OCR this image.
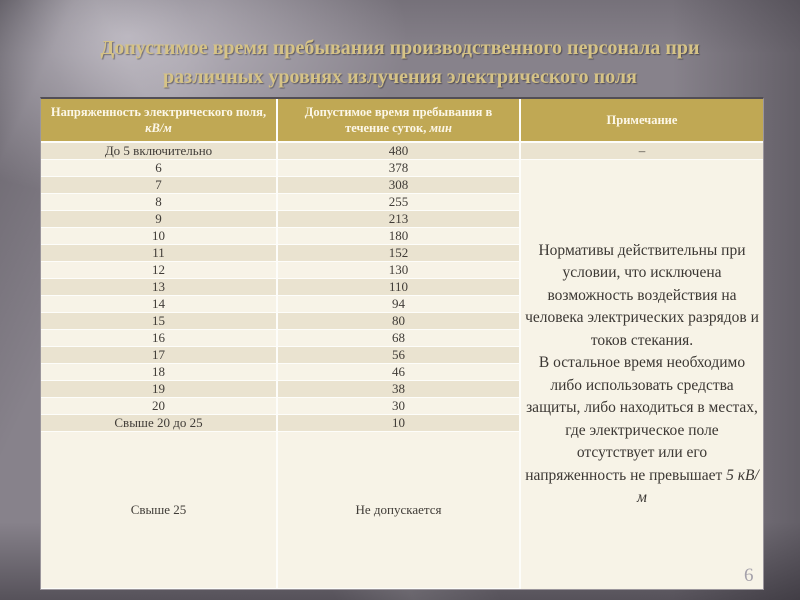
Допустимое время пребывания производственного персонала при
различных уровнях излучения электрического поля
Напряженность электрического поля, кВ/м	Допустимое время пребывания в течение суток, мин	Примечание
До 5 включительно	480	–
6	378	Нормативы действительны при условии, что исключена возможность воздействия на человека электрических разрядов и токов стекания.
В остальное время необходимо либо использовать средства защиты, либо находиться в местах, где электрическое поле отсутствует или его напряженность не превышает 5 кВ/м

7	308	
8	255	
9	213	
10	180	
11	152	
12	130	
13	110	
14	94	
15	80	
16	68	
17	56	
18	46	
19	38	
20	30	
Свыше 20 до 25	10	
Свыше 25	Не допускается	
6
